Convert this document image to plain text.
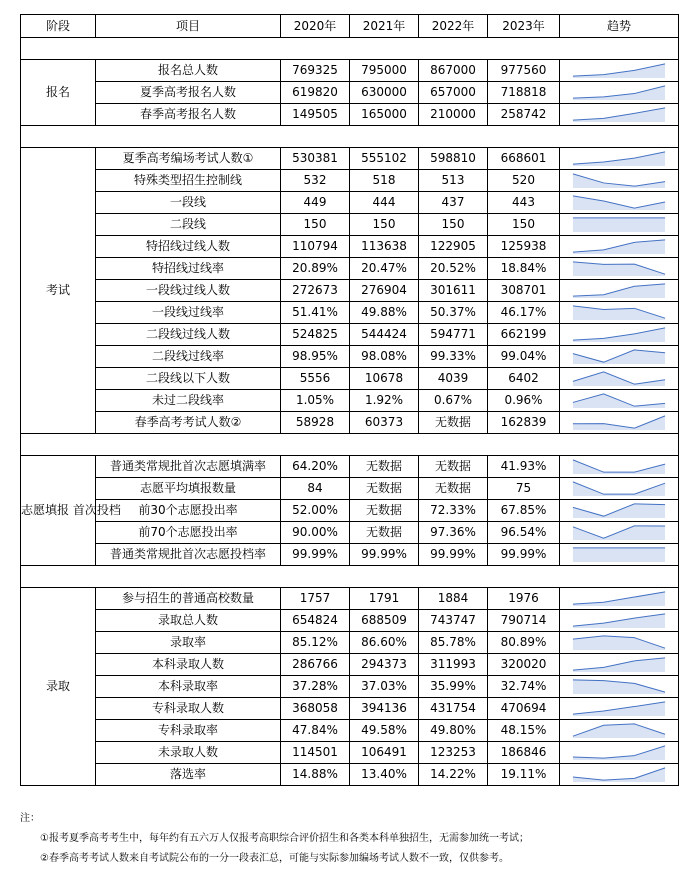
阶段	项目	2020年	2021年	2022年	2023年	趋势

报名	报名总人数	769325	795000	867000	977560	

	夏季高考报名人数	619820	630000	657000	718818	

	春季高考报名人数	149505	165000	210000	258742	

考试	夏季高考编场考试人数①	530381	555102	598810	668601	

	特殊类型招生控制线	532	518	513	520	

	一段线	449	444	437	443	

	二段线	150	150	150	150	

	特招线过线人数	110794	113638	122905	125938	

	特招线过线率	20.89%	20.47%	20.52%	18.84%	

	一段线过线人数	272673	276904	301611	308701	

	一段线过线率	51.41%	49.88%	50.37%	46.17%	

	二段线过线人数	524825	544424	594771	662199	

	二段线过线率	98.95%	98.08%	99.33%	99.04%	

	二段线以下人数	5556	10678	4039	6402	

	未过二段线率	1.05%	1.92%	0.67%	0.96%	

	春季高考考试人数②	58928	60373	无数据	162839	

志愿填报 首次投档	普通类常规批首次志愿填满率	64.20%	无数据	无数据	41.93%	

	志愿平均填报数量	84	无数据	无数据	75	

	前30个志愿投出率	52.00%	无数据	72.33%	67.85%	

	前70个志愿投出率	90.00%	无数据	97.36%	96.54%	

	普通类常规批首次志愿投档率	99.99%	99.99%	99.99%	99.99%	

录取	参与招生的普通高校数量	1757	1791	1884	1976	

	录取总人数	654824	688509	743747	790714	

	录取率	85.12%	86.60%	85.78%	80.89%	

	本科录取人数	286766	294373	311993	320020	

	本科录取率	37.28%	37.03%	35.99%	32.74%	

	专科录取人数	368058	394136	431754	470694	

	专科录取率	47.84%	49.58%	49.80%	48.15%	

	未录取人数	114501	106491	123253	186846	

	落选率	14.88%	13.40%	14.22%	19.11%	
注：
①报考夏季高考考生中，每年约有五六万人仅报考高职综合评价招生和各类本科单独招生，无需参加统一考试；
②春季高考考试人数来自考试院公布的一分一段表汇总，可能与实际参加编场考试人数不一致，仅供参考。
